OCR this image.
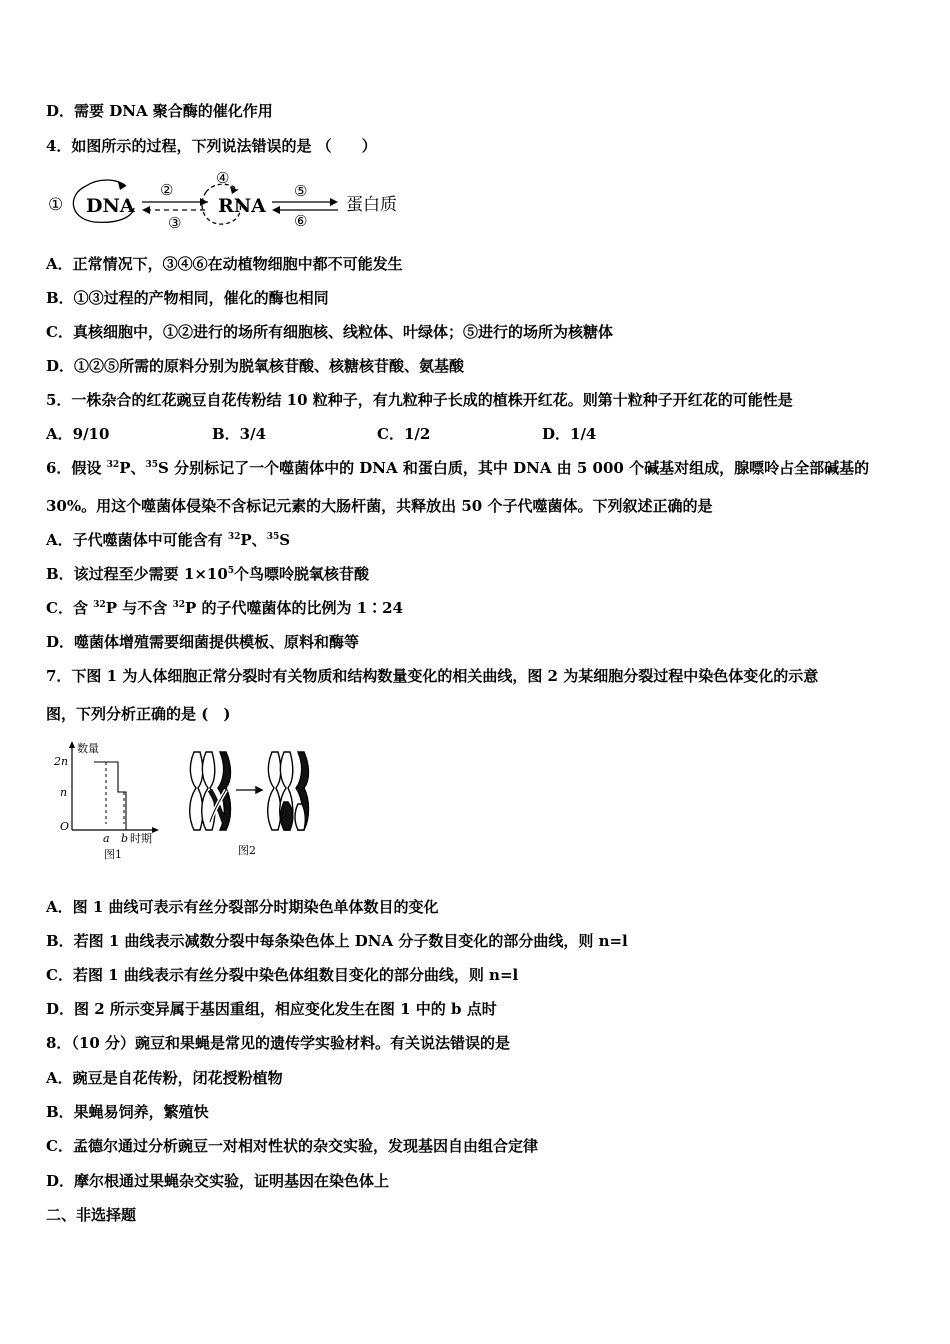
D．需要 DNA 聚合酶的催化作用
4．如图所示的过程，下列说法错误的是 （　　）
① DNA
②
③
④
RNA
⑤
⑥
蛋白质
A．正常情况下，③④⑥在动植物细胞中都不可能发生
B．①③过程的产物相同，催化的酶也相同
C．真核细胞中，①②进行的场所有细胞核、线粒体、叶绿体；⑤进行的场所为核糖体
D．①②⑤所需的原料分别为脱氧核苷酸、核糖核苷酸、氨基酸
5．一株杂合的红花豌豆自花传粉结 10 粒种子，有九粒种子长成的植株开红花。则第十粒种子开红花的可能性是
A．9/10	B．3/4	C．1/2	D．1/4
6．假设 $^{32}$P、$^{35}$S 分别标记了一个噬菌体中的 DNA 和蛋白质，其中 DNA 由 5 000 个碱基对组成，腺嘌呤占全部碱基的
30%。用这个噬菌体侵染不含标记元素的大肠杆菌，共释放出 50 个子代噬菌体。下列叙述正确的是
A．子代噬菌体中可能含有 $^{32}$P、$^{35}$S
B．该过程至少需要 $1\times 10^5$个鸟嘌呤脱氧核苷酸
C．含 $^{32}$P 与不含 $^{32}$P 的子代噬菌体的比例为 1∶24
D．噬菌体增殖需要细菌提供模板、原料和酶等
7．下图 1 为人体细胞正常分裂时有关物质和结构数量变化的相关曲线，图 2 为某细胞分裂过程中染色体变化的示意
图，下列分析正确的是 (　)
数量
2n
n
O
a b 时期
图1	图2
A．图 1 曲线可表示有丝分裂部分时期染色单体数目的变化
B．若图 1 曲线表示减数分裂中每条染色体上 DNA 分子数目变化的部分曲线，则 n=l
C．若图 1 曲线表示有丝分裂中染色体组数目变化的部分曲线，则 n=l
D．图 2 所示变异属于基因重组，相应变化发生在图 1 中的 b 点时
8．（10 分）豌豆和果蝇是常见的遗传学实验材料。有关说法错误的是
A．豌豆是自花传粉，闭花授粉植物
B．果蝇易饲养，繁殖快
C．孟德尔通过分析豌豆一对相对性状的杂交实验，发现基因自由组合定律
D．摩尔根通过果蝇杂交实验，证明基因在染色体上
二、非选择题
